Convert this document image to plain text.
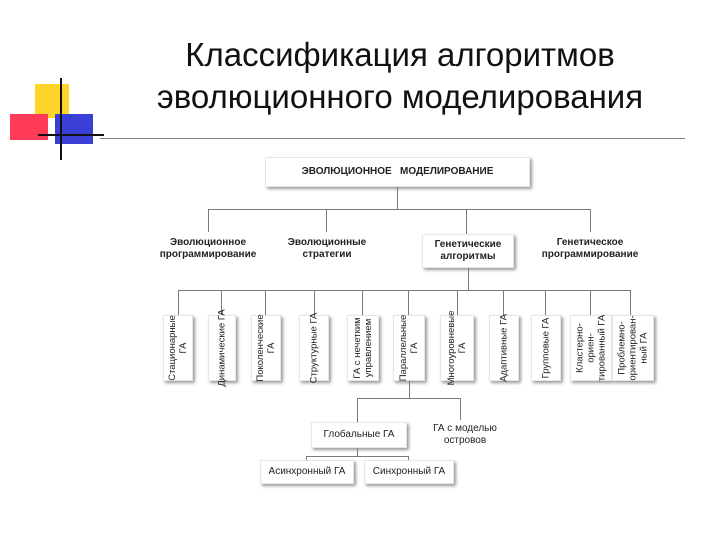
Классификация алгоритмов
эволюционного моделирования
ЭВОЛЮЦИОННОЕ   МОДЕЛИРОВАНИЕ
Эволюционное
программирование
Эволюционные
стратегии
Генетические
алгоритмы
Генетическое
программирование
Стационарные
ГА	Динамические ГА	Поколенческие
ГА	Структурные ГА	ГА с нечетким
управлением	Параллельные
ГА	Многоуровневые
ГА	Адаптивные ГА	Групповые ГА Кластерно-
ориен-
тированный ГА
Проблемно-
ориентирован-
ный ГА
Глобальные ГА
ГА с моделью
островов
Асинхронный ГА	Синхронный ГА
